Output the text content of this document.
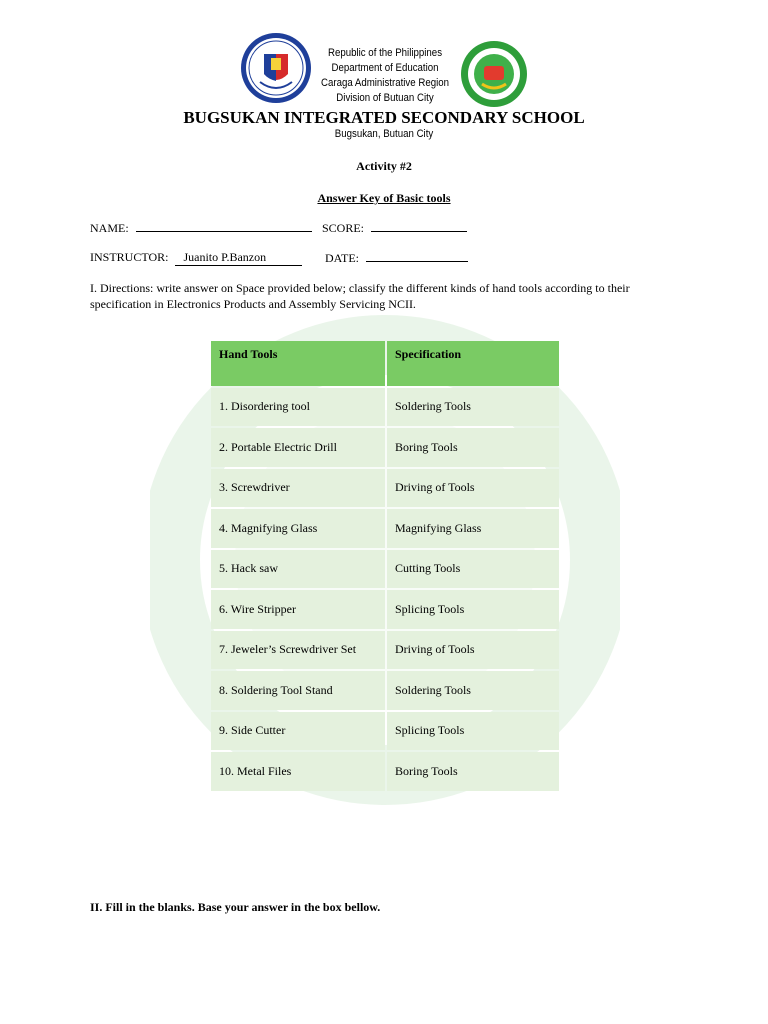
Republic of the Philippines
Department of Education
Caraga Administrative Region
Division of Butuan City
BUGSUKAN INTEGRATED SECONDARY SCHOOL
Bugsukan, Butuan City
Activity #2
Answer Key of Basic tools
NAME:	SCORE:
INSTRUCTOR: Juanito P.Banzon	DATE:
I. Directions: write answer on Space provided below; classify the different kinds of hand tools according to their specification in Electronics Products and Assembly Servicing NCII.
Hand Tools	Specification
1. Disordering tool	Soldering Tools
2. Portable Electric Drill	Boring Tools
3. Screwdriver	Driving of Tools
4. Magnifying Glass	Magnifying Glass
5. Hack saw	Cutting Tools
6. Wire Stripper	Splicing Tools
7. Jeweler’s Screwdriver Set	Driving of Tools
8. Soldering Tool Stand	Soldering Tools
9. Side Cutter	Splicing Tools
10. Metal Files	Boring Tools
II. Fill in the blanks. Base your answer in the box bellow.
